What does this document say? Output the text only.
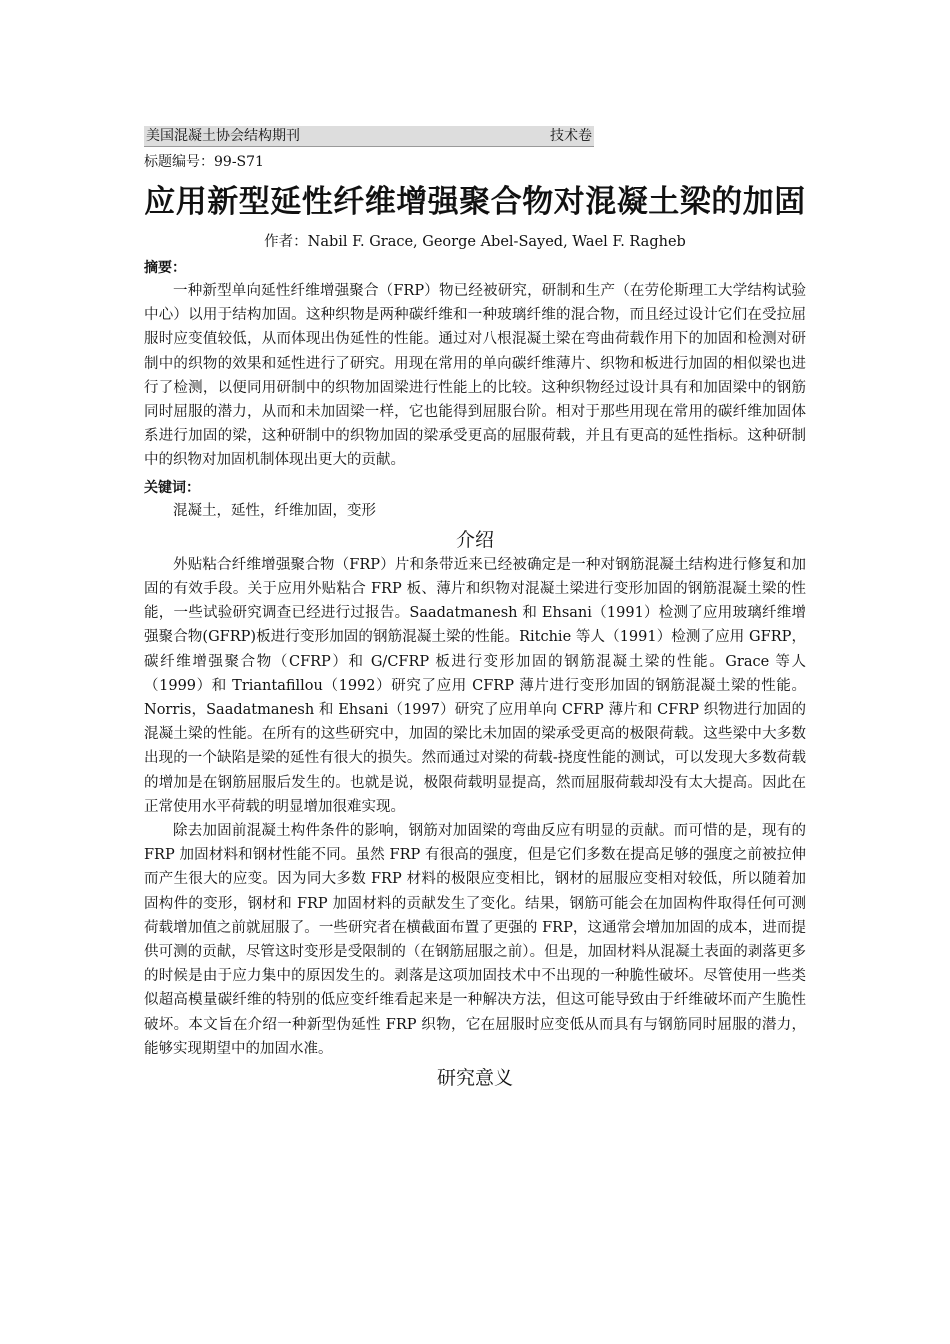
美国混凝土协会结构期刊	技术卷
标题编号：99-S71
应用新型延性纤维增强聚合物对混凝土梁的加固
作者：Nabil F. Grace, George Abel-Sayed, Wael F. Ragheb
摘要：

一种新型单向延性纤维增强聚合（FRP）物已经被研究，研制和生产（在劳伦斯理工大学结构试验中心）以用于结构加固。这种织物是两种碳纤维和一种玻璃纤维的混合物，而且经过设计它们在受拉屈服时应变值较低，从而体现出伪延性的性能。通过对八根混凝土梁在弯曲荷载作用下的加固和检测对研制中的织物的效果和延性进行了研究。用现在常用的单向碳纤维薄片、织物和板进行加固的相似梁也进行了检测，以便同用研制中的织物加固梁进行性能上的比较。这种织物经过设计具有和加固梁中的钢筋同时屈服的潜力，从而和未加固梁一样，它也能得到屈服台阶。相对于那些用现在常用的碳纤维加固体系进行加固的梁，这种研制中的织物加固的梁承受更高的屈服荷载，并且有更高的延性指标。这种研制中的织物对加固机制体现出更大的贡献。

关键词：

混凝土，延性，纤维加固，变形

介绍

外贴粘合纤维增强聚合物（FRP）片和条带近来已经被确定是一种对钢筋混凝土结构进行修复和加固的有效手段。关于应用外贴粘合 FRP 板、薄片和织物对混凝土梁进行变形加固的钢筋混凝土梁的性能，一些试验研究调查已经进行过报告。Saadatmanesh 和 Ehsani（1991）检测了应用玻璃纤维增强聚合物(GFRP)板进行变形加固的钢筋混凝土梁的性能。Ritchie 等人（1991）检测了应用 GFRP，碳纤维增强聚合物（CFRP）和 G/CFRP 板进行变形加固的钢筋混凝土梁的性能。Grace 等人（1999）和 Triantafillou（1992）研究了应用 CFRP 薄片进行变形加固的钢筋混凝土梁的性能。Norris，Saadatmanesh 和 Ehsani（1997）研究了应用单向 CFRP 薄片和 CFRP 织物进行加固的混凝土梁的性能。在所有的这些研究中，加固的梁比未加固的梁承受更高的极限荷载。这些梁中大多数出现的一个缺陷是梁的延性有很大的损失。然而通过对梁的荷载-挠度性能的测试，可以发现大多数荷载的增加是在钢筋屈服后发生的。也就是说，极限荷载明显提高，然而屈服荷载却没有太大提高。因此在正常使用水平荷载的明显增加很难实现。

除去加固前混凝土构件条件的影响，钢筋对加固梁的弯曲反应有明显的贡献。而可惜的是，现有的 FRP 加固材料和钢材性能不同。虽然 FRP 有很高的强度，但是它们多数在提高足够的强度之前被拉伸而产生很大的应变。因为同大多数 FRP 材料的极限应变相比，钢材的屈服应变相对较低，所以随着加固构件的变形，钢材和 FRP 加固材料的贡献发生了变化。结果，钢筋可能会在加固构件取得任何可测荷载增加值之前就屈服了。一些研究者在横截面布置了更强的 FRP，这通常会增加加固的成本，进而提供可测的贡献，尽管这时变形是受限制的（在钢筋屈服之前）。但是，加固材料从混凝土表面的剥落更多的时候是由于应力集中的原因发生的。剥落是这项加固技术中不出现的一种脆性破坏。尽管使用一些类似超高模量碳纤维的特别的低应变纤维看起来是一种解决方法，但这可能导致由于纤维破坏而产生脆性破坏。本文旨在介绍一种新型伪延性 FRP 织物，它在屈服时应变低从而具有与钢筋同时屈服的潜力，能够实现期望中的加固水准。

研究意义
